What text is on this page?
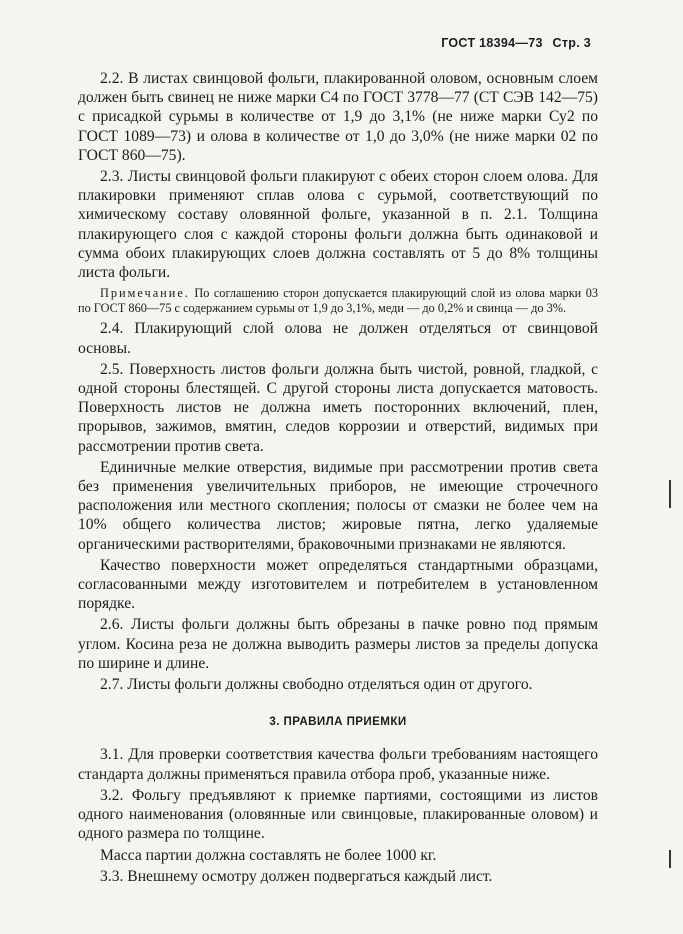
ГОСТ 18394—73 Стр. 3

2.2. В листах свинцовой фольги, плакированной оловом, основным слоем должен быть свинец не ниже марки С4 по ГОСТ 3778—77 (СТ СЭВ 142—75) с присадкой сурьмы в количестве от 1,9 до 3,1% (не ниже марки Су2 по ГОСТ 1089—73) и олова в количестве от 1,0 до 3,0% (не ниже марки 02 по ГОСТ 860—75).

2.3. Листы свинцовой фольги плакируют с обеих сторон слоем олова. Для плакировки применяют сплав олова с сурьмой, соответствующий по химическому составу оловянной фольге, указанной в п. 2.1. Толщина плакирующего слоя с каждой стороны фольги должна быть одинаковой и сумма обоих плакирующих слоев должна составлять от 5 до 8% толщины листа фольги.

Примечание. По соглашению сторон допускается плакирующий слой из олова марки 03 по ГОСТ 860—75 с содержанием сурьмы от 1,9 до 3,1%, меди — до 0,2% и свинца — до 3%.

2.4. Плакирующий слой олова не должен отделяться от свинцовой основы.

2.5. Поверхность листов фольги должна быть чистой, ровной, гладкой, с одной стороны блестящей. С другой стороны листа допускается матовость. Поверхность листов не должна иметь посторонних включений, плен, прорывов, зажимов, вмятин, следов коррозии и отверстий, видимых при рассмотрении против света.

Единичные мелкие отверстия, видимые при рассмотрении против света без применения увеличительных приборов, не имеющие строчечного расположения или местного скопления; полосы от смазки не более чем на 10% общего количества листов; жировые пятна, легко удаляемые органическими растворителями, браковочными признаками не являются.

Качество поверхности может определяться стандартными образцами, согласованными между изготовителем и потребителем в установленном порядке.

2.6. Листы фольги должны быть обрезаны в пачке ровно под прямым углом. Косина реза не должна выводить размеры листов за пределы допуска по ширине и длине.

2.7. Листы фольги должны свободно отделяться один от другого.

3. ПРАВИЛА ПРИЕМКИ

3.1. Для проверки соответствия качества фольги требованиям настоящего стандарта должны применяться правила отбора проб, указанные ниже.

3.2. Фольгу предъявляют к приемке партиями, состоящими из листов одного наименования (оловянные или свинцовые, плакированные оловом) и одного размера по толщине.

Масса партии должна составлять не более 1000 кг.

3.3. Внешнему осмотру должен подвергаться каждый лист.
